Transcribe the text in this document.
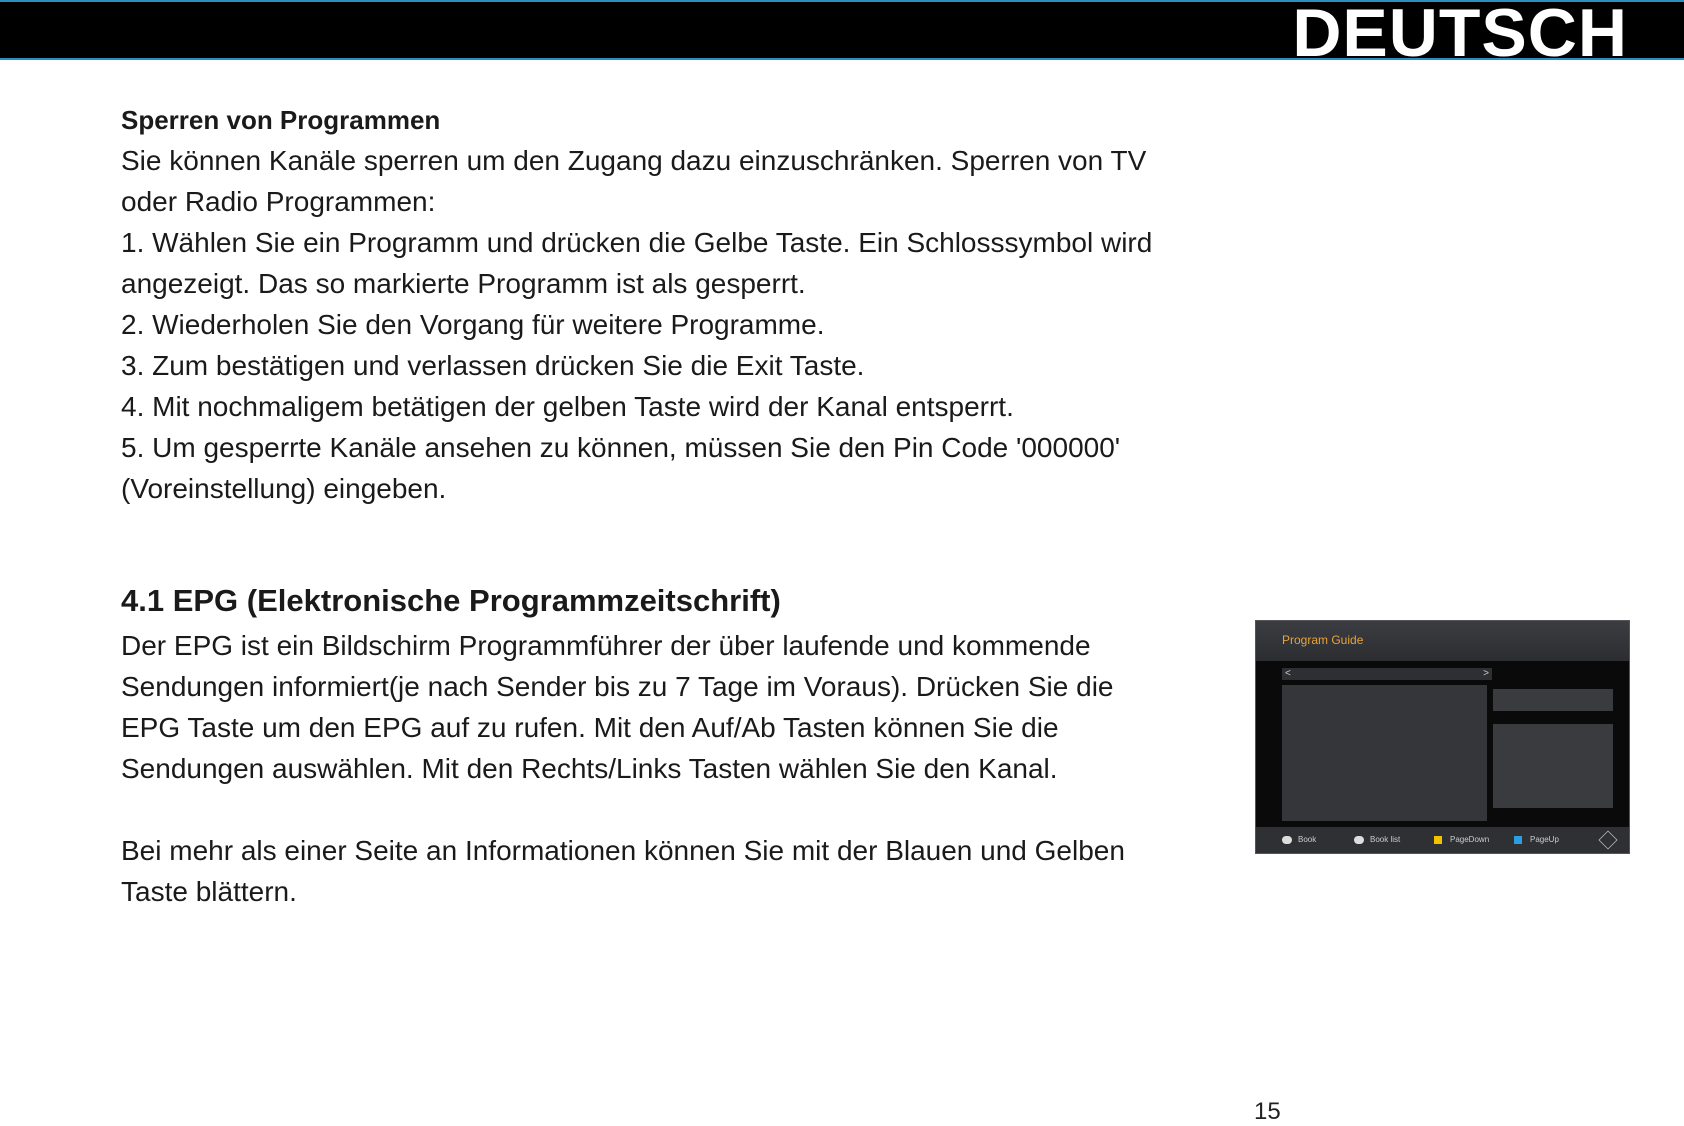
DEUTSCH
Sperren von Programmen

Sie können Kanäle sperren um den Zugang dazu einzuschränken. Sperren von TV

oder Radio Programmen:

1. Wählen Sie ein Programm und drücken die Gelbe Taste. Ein Schlosssymbol wird
angezeigt. Das so markierte Programm ist als gesperrt.
2. Wiederholen Sie den Vorgang für weitere Programme.
3. Zum bestätigen und verlassen drücken Sie die Exit Taste.
4. Mit nochmaligem betätigen der gelben Taste wird der Kanal entsperrt.
5. Um gesperrte Kanäle ansehen zu können, müssen Sie den Pin Code '000000'
(Voreinstellung) eingeben.
4.1 EPG (Elektronische Programmzeitschrift)

Der EPG ist ein Bildschirm Programmführer der über laufende und kommende

Sendungen informiert(je nach Sender bis zu 7 Tage im Voraus). Drücken Sie die

EPG Taste um den EPG auf zu rufen. Mit den Auf/Ab Tasten können Sie die

Sendungen auswählen. Mit den Rechts/Links Tasten wählen Sie den Kanal.

Bei mehr als einer Seite an Informationen können Sie mit der Blauen und Gelben

Taste blättern.

Program Guide
<	>
Book	Book list	PageDown	PageUp
15
